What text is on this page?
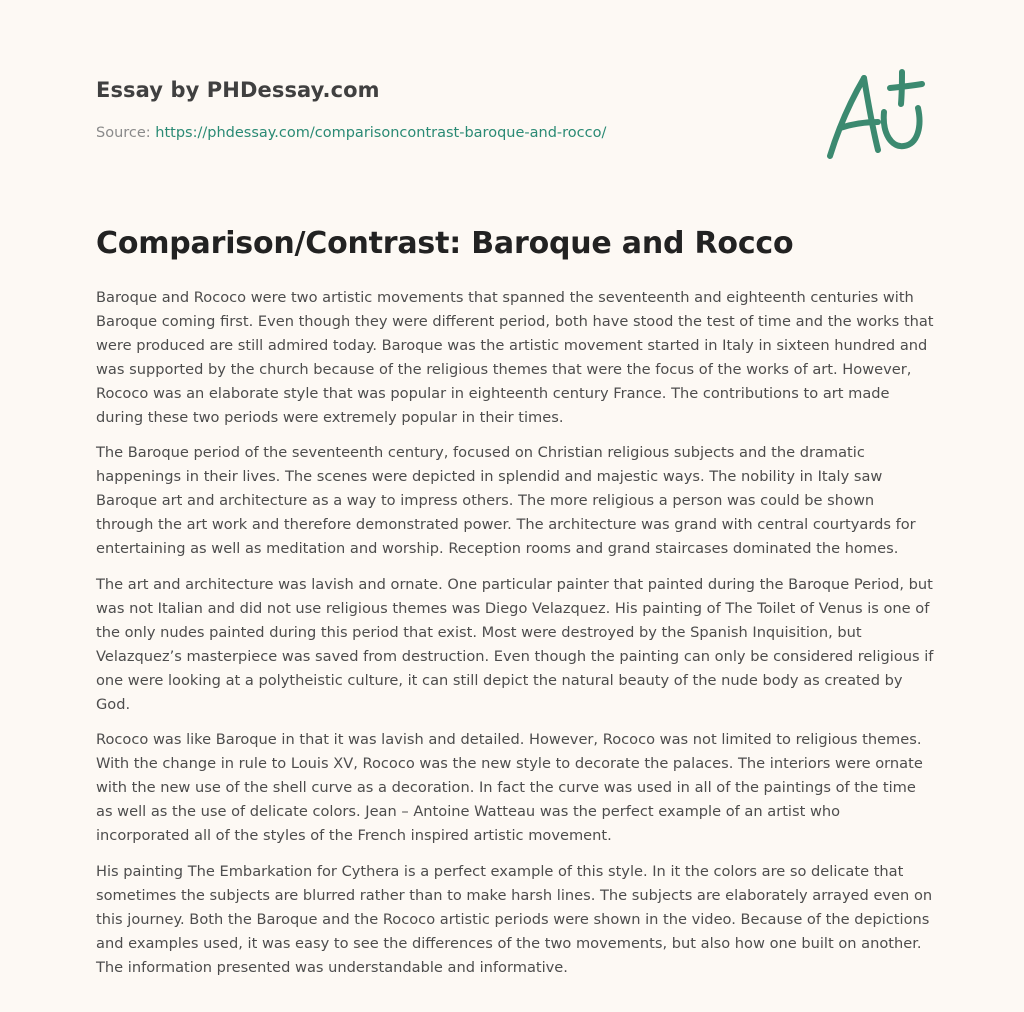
Essay by PHDessay.com
Source: https://phdessay.com/comparisoncontrast-baroque-and-rocco/
Comparison/Contrast: Baroque and Rocco

Baroque and Rococo were two artistic movements that spanned the seventeenth and eighteenth centuries with Baroque coming first. Even though they were different period, both have stood the test of time and the works that were produced are still admired today. Baroque was the artistic movement started in Italy in sixteen hundred and was supported by the church because of the religious themes that were the focus of the works of art. However, Rococo was an elaborate style that was popular in eighteenth century France. The contributions to art made during these two periods were extremely popular in their times.

The Baroque period of the seventeenth century, focused on Christian religious subjects and the dramatic happenings in their lives. The scenes were depicted in splendid and majestic ways. The nobility in Italy saw Baroque art and architecture as a way to impress others. The more religious a person was could be shown through the art work and therefore demonstrated power. The architecture was grand with central courtyards for entertaining as well as meditation and worship. Reception rooms and grand staircases dominated the homes.

The art and architecture was lavish and ornate. One particular painter that painted during the Baroque Period, but was not Italian and did not use religious themes was Diego Velazquez. His painting of The Toilet of Venus is one of the only nudes painted during this period that exist. Most were destroyed by the Spanish Inquisition, but Velazquez’s masterpiece was saved from destruction. Even though the painting can only be considered religious if one were looking at a polytheistic culture, it can still depict the natural beauty of the nude body as created by God.

Rococo was like Baroque in that it was lavish and detailed. However, Rococo was not limited to religious themes. With the change in rule to Louis XV, Rococo was the new style to decorate the palaces. The interiors were ornate with the new use of the shell curve as a decoration. In fact the curve was used in all of the paintings of the time as well as the use of delicate colors. Jean – Antoine Watteau was the perfect example of an artist who incorporated all of the styles of the French inspired artistic movement.

His painting The Embarkation for Cythera is a perfect example of this style. In it the colors are so delicate that sometimes the subjects are blurred rather than to make harsh lines. The subjects are elaborately arrayed even on this journey. Both the Baroque and the Rococo artistic periods were shown in the video. Because of the depictions and examples used, it was easy to see the differences of the two movements, but also how one built on another. The information presented was understandable and informative.
